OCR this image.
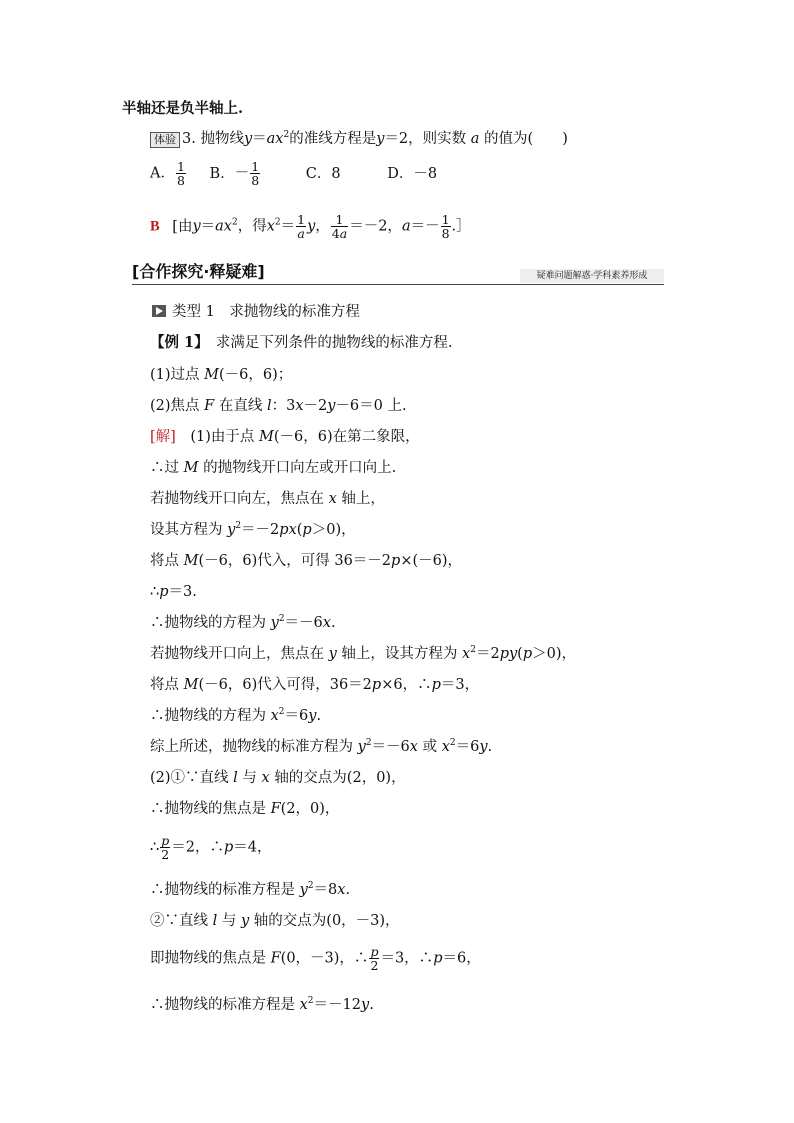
半轴还是负半轴上.
体验 3. 抛物线$y=ax^2$的准线方程是y＝2，则实数 a 的值为(　　)
A． $\frac{1}{8}$ B．－ $\frac{1}{8}$	C．8	D．－8
B [由$y=ax^2$，得$x^2= \frac{1}{a}$ y， $\frac{1}{4a} =-2$，$a=- \frac{1}{8}$ .］
[合作探究·释疑难]	疑难问题解惑·学科素养形成
类型 1　求抛物线的标准方程
【例 1】　 求满足下列条件的抛物线的标准方程.
(1)过点 M(－6，6)；
(2)焦点 F 在直线 l：3x－2y－6＝0 上.
[解]　 (1)由于点 M(－6，6)在第二象限，
∴过 M 的抛物线开口向左或开口向上.
若抛物线开口向左，焦点在 x 轴上，
设其方程为 $y^2=-2px(p>0)$，
将点 M(－6，6)代入，可得 36＝－2p×(－6)，
∴p＝3.
∴抛物线的方程为 $y^2=-6x$.
若抛物线开口向上，焦点在 y 轴上，设其方程为 $x^2=2py(p>0)$，
将点 M(－6，6)代入可得，36＝2p×6，∴p＝3，
∴抛物线的方程为 $x^2=6y$.
综上所述，抛物线的标准方程为 $y^2=-6x$ 或 $x^2=6y$.
(2)①∵直线 l 与 x 轴的交点为(2，0)，
∴抛物线的焦点是 F(2，0)，
∴ $\frac{p}{2} =2$，∴p＝4，
∴抛物线的标准方程是 $y^2=8x$.
②∵直线 l 与 y 轴的交点为(0，－3)，
即抛物线的焦点是 F(0，－3)，∴ $\frac{p}{2} =3$，∴p＝6，
∴抛物线的标准方程是 $x^2=-12y$.
